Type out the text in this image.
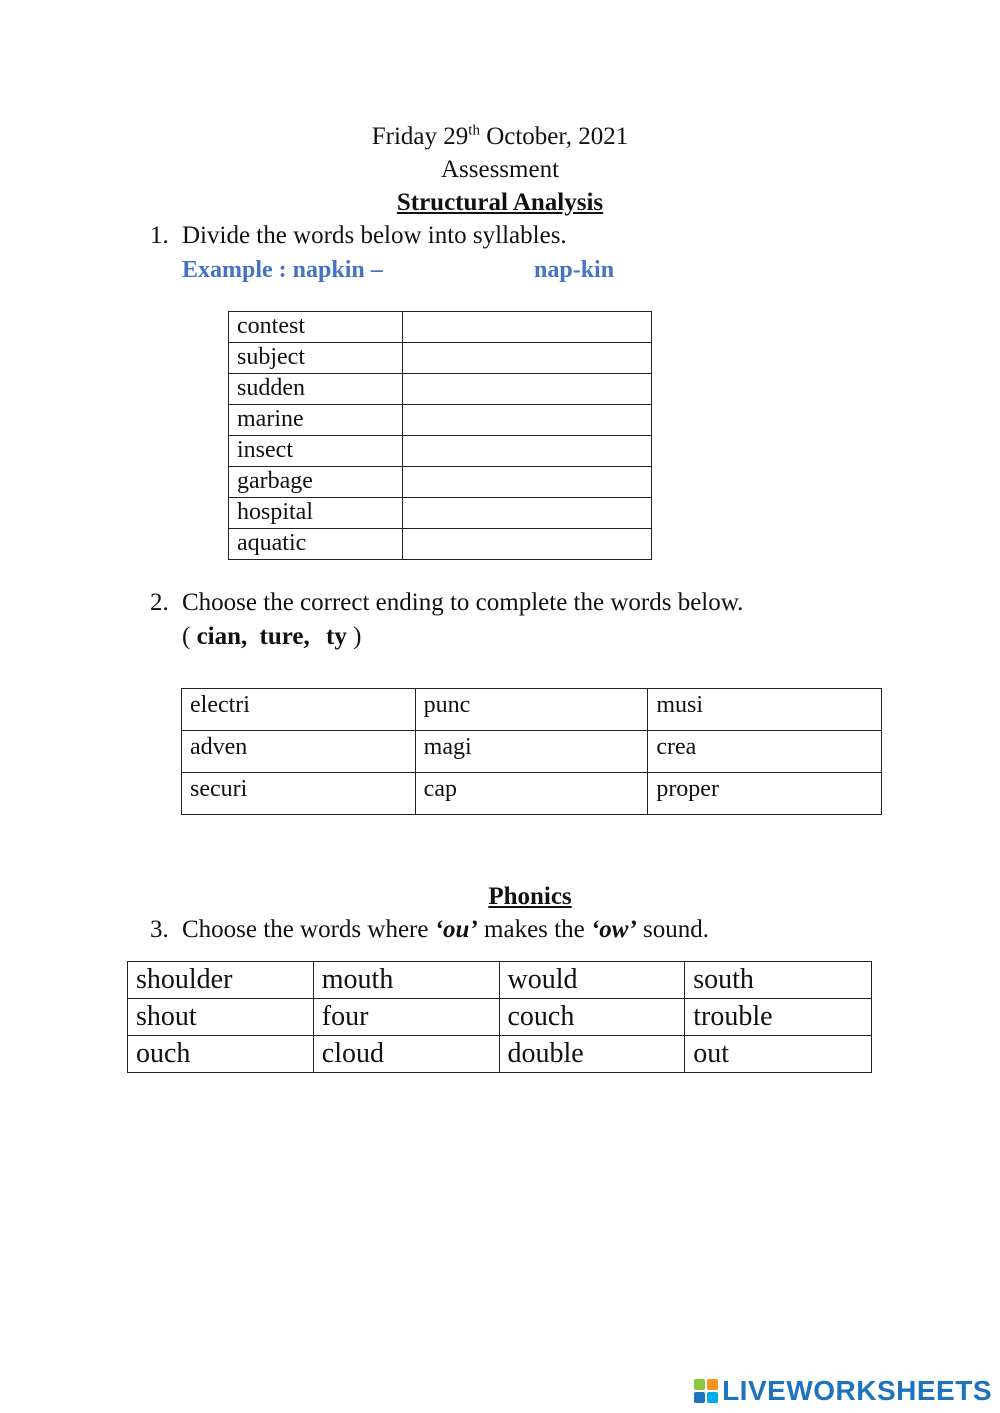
Friday 29th October, 2021
Assessment
Structural Analysis
1. Divide the words below into syllables.
Example : napkin –	nap-kin
contest	
subject	
sudden	
marine	
insect	
garbage	
hospital	
aquatic	
2. Choose the correct ending to complete the words below.
( cian, ture, ty )
electri	punc	musi
adven	magi	crea
securi	cap	proper
Phonics
3. Choose the words where ‘ou’ makes the ‘ow’ sound.
shoulder	mouth	would	south
shout	four	couch	trouble
ouch	cloud	double	out
LIVEWORKSHEETS
